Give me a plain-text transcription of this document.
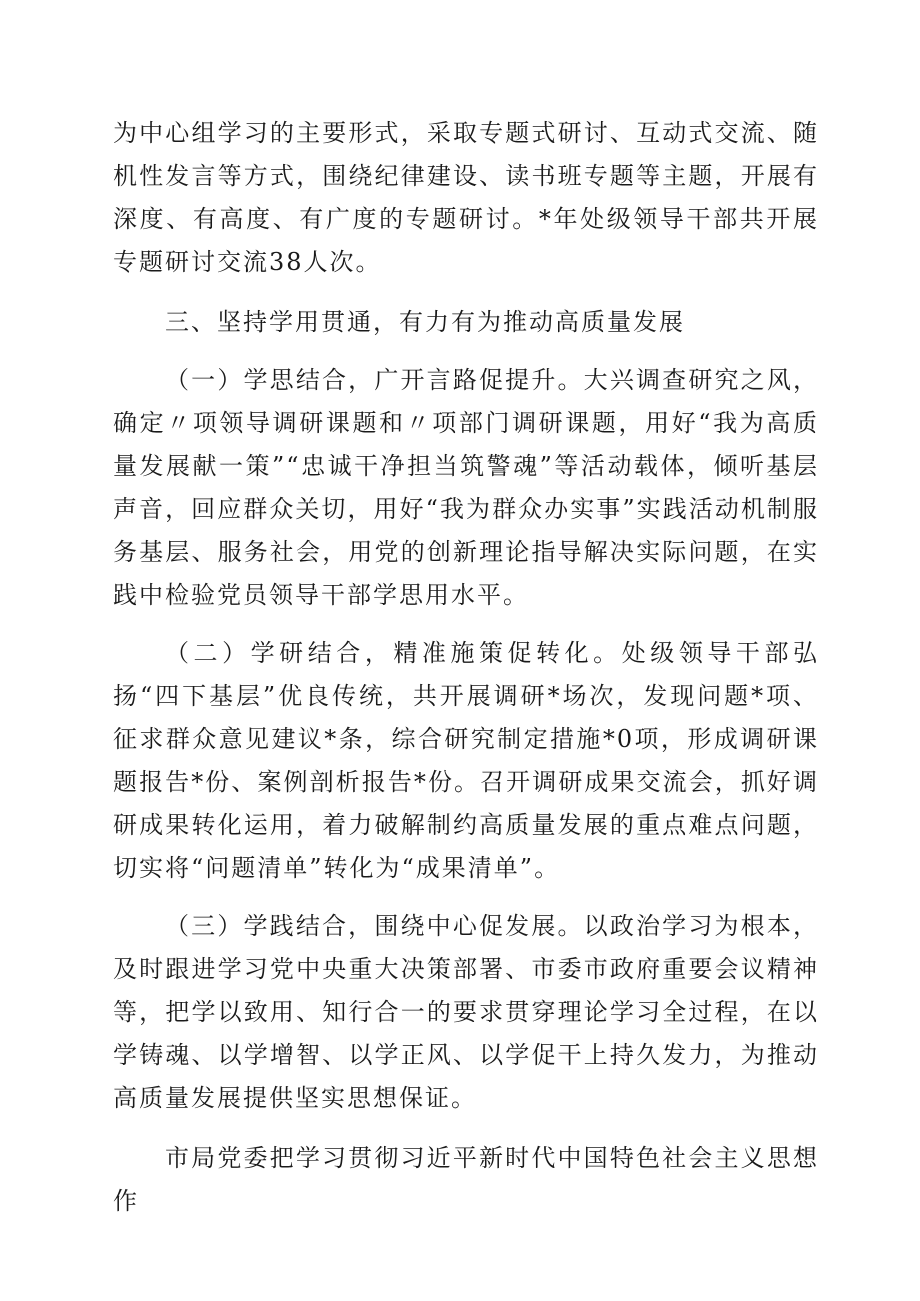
为中心组学习的主要形式，采取专题式研讨、互动式交流、随机性发言等方式，围绕纪律建设、读书班专题等主题，开展有深度、有高度、有广度的专题研讨。*年处级领导干部共开展专题研讨交流38人次。

三、坚持学用贯通，有力有为推动高质量发展

（一）学思结合，广开言路促提升。大兴调查研究之风，确定〃项领导调研课题和〃项部门调研课题，用好“我为高质量发展献一策”“忠诚干净担当筑警魂”等活动载体，倾听基层声音，回应群众关切，用好“我为群众办实事”实践活动机制服务基层、服务社会，用党的创新理论指导解决实际问题，在实践中检验党员领导干部学思用水平。

（二）学研结合，精准施策促转化。处级领导干部弘扬“四下基层”优良传统，共开展调研*场次，发现问题*项、征求群众意见建议*条，综合研究制定措施*0项，形成调研课题报告*份、案例剖析报告*份。召开调研成果交流会，抓好调研成果转化运用，着力破解制约高质量发展的重点难点问题，切实将“问题清单”转化为“成果清单”。

（三）学践结合，围绕中心促发展。以政治学习为根本，及时跟进学习党中央重大决策部署、市委市政府重要会议精神等，把学以致用、知行合一的要求贯穿理论学习全过程，在以学铸魂、以学增智、以学正风、以学促干上持久发力，为推动高质量发展提供坚实思想保证。

市局党委把学习贯彻习近平新时代中国特色社会主义思想作
